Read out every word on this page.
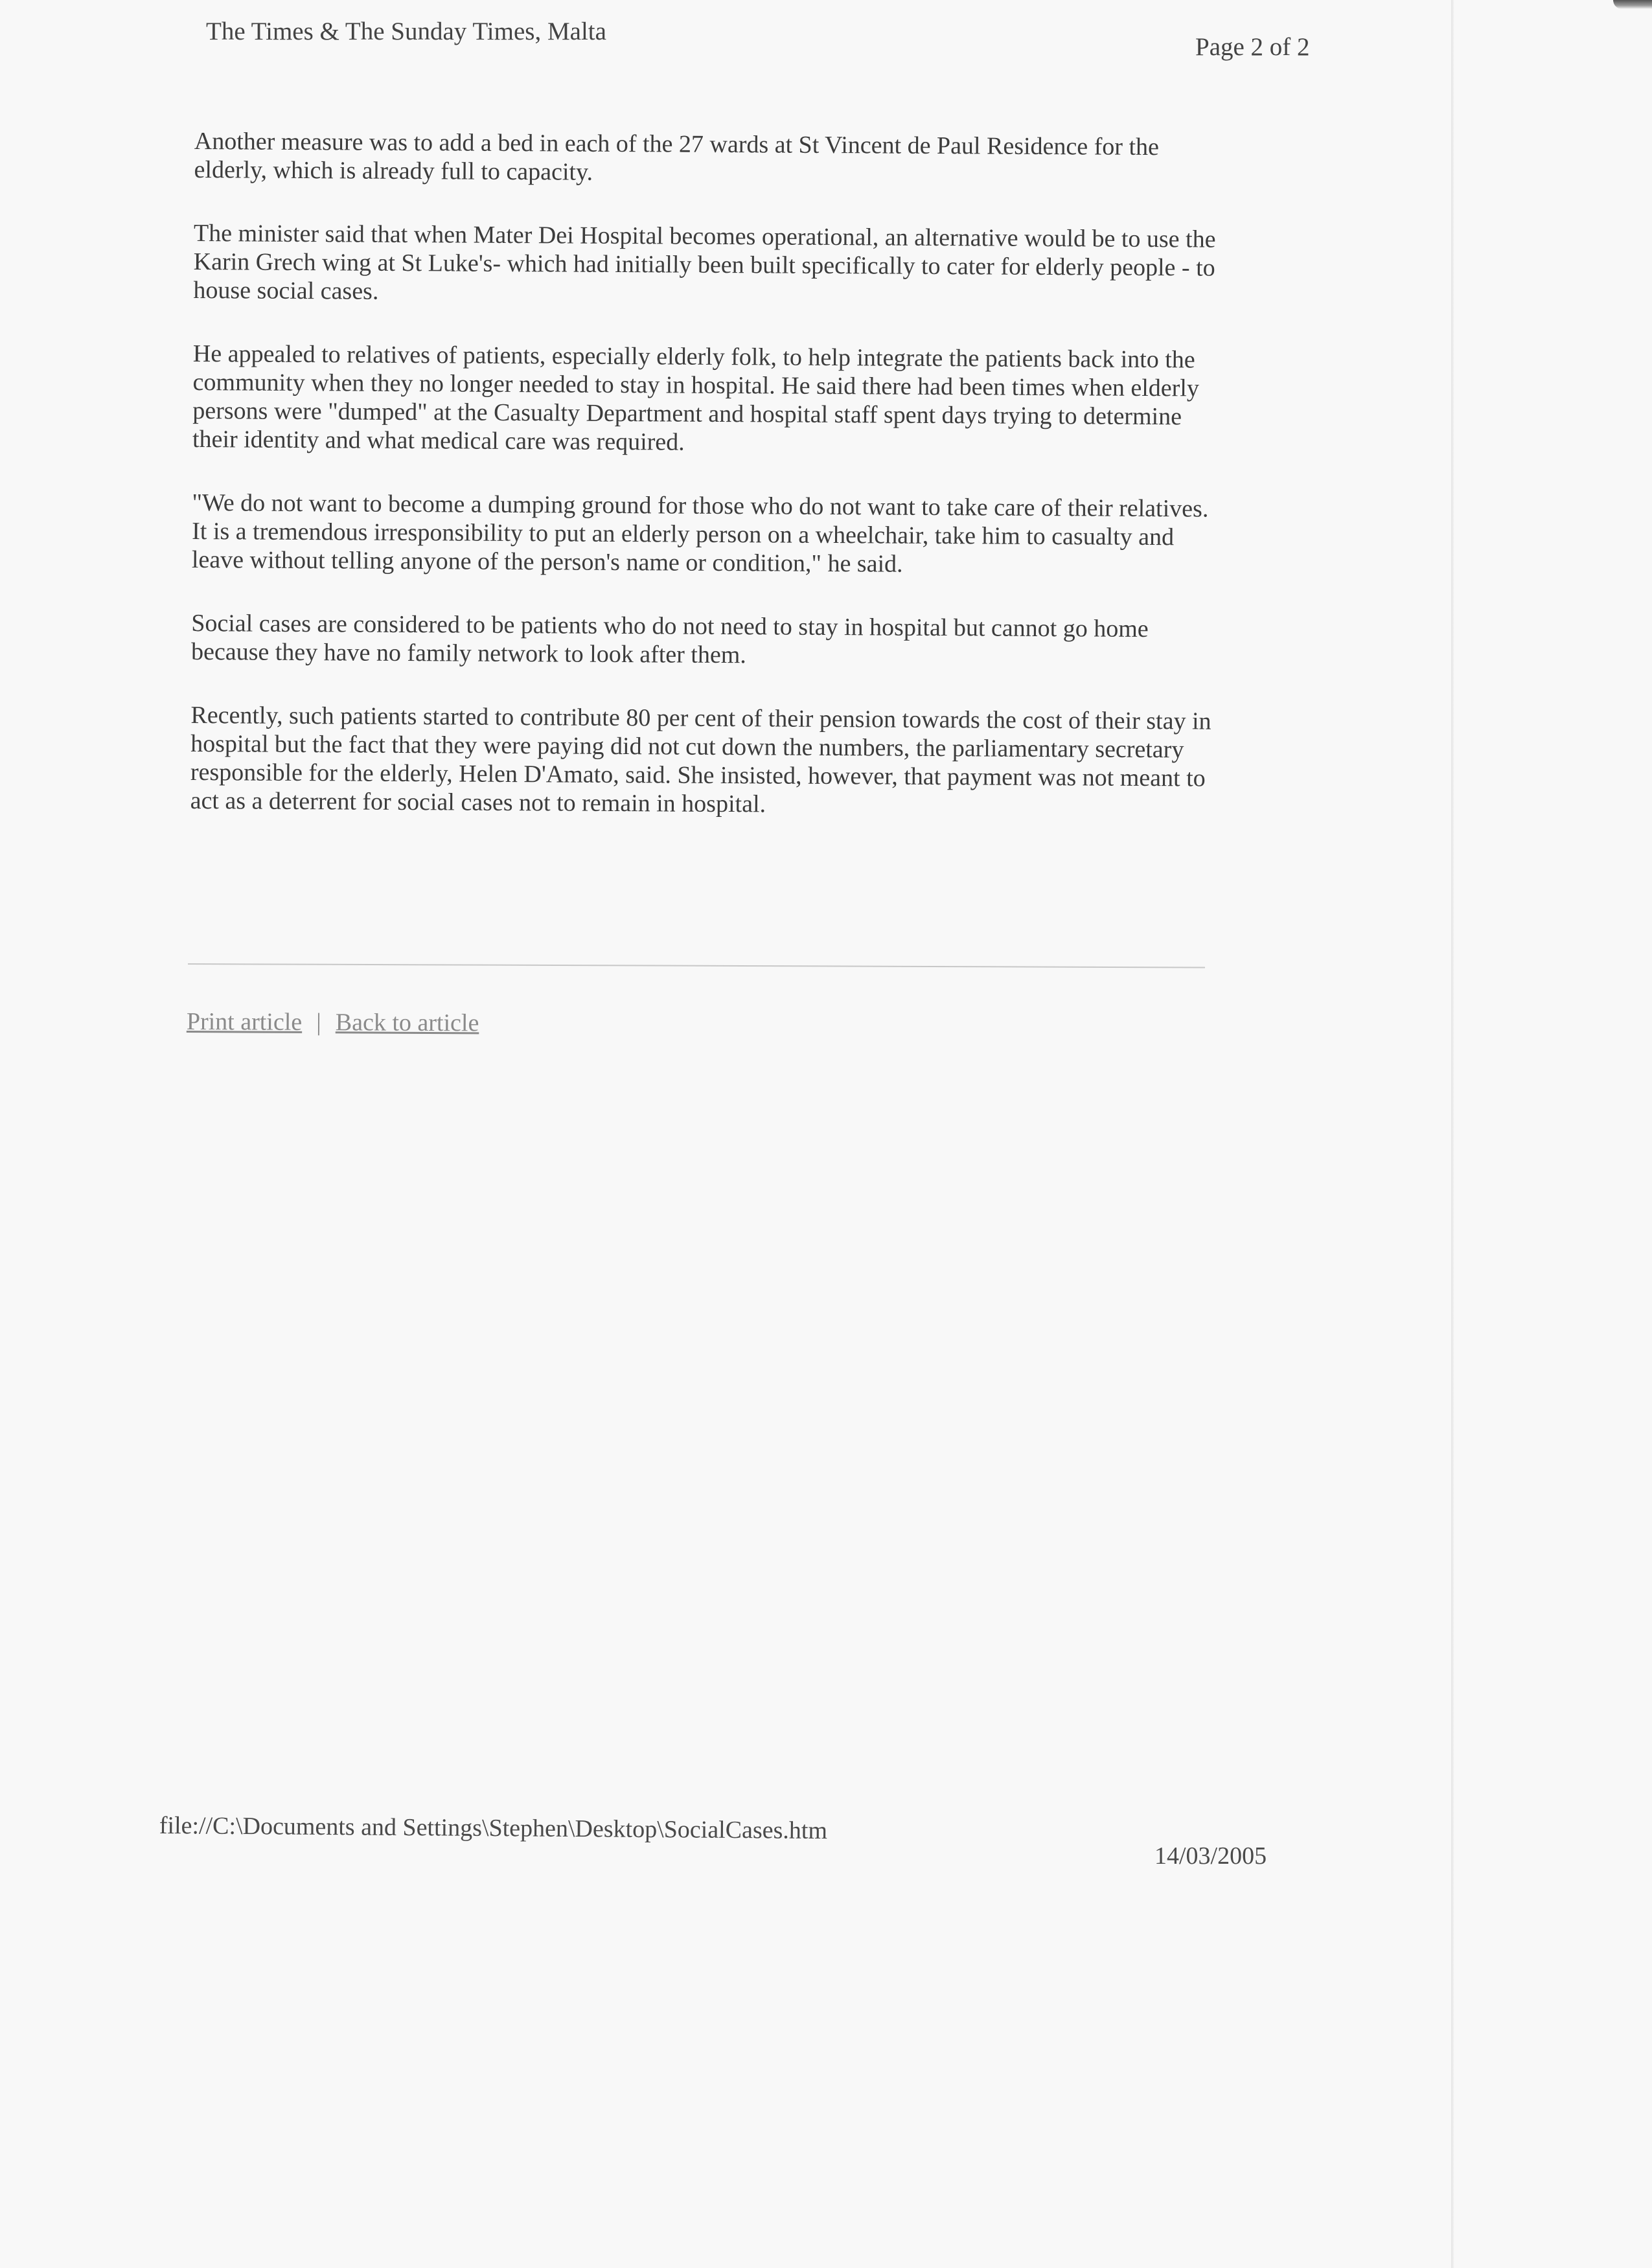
The Times & The Sunday Times, Malta
Page 2 of 2

Another measure was to add a bed in each of the 27 wards at St Vincent de Paul Residence for the elderly, which is already full to capacity.

The minister said that when Mater Dei Hospital becomes operational, an alternative would be to use the Karin Grech wing at St Luke's- which had initially been built specifically to cater for elderly people - to house social cases.

He appealed to relatives of patients, especially elderly folk, to help integrate the patients back into the community when they no longer needed to stay in hospital. He said there had been times when elderly persons were "dumped" at the Casualty Department and hospital staff spent days trying to determine their identity and what medical care was required.

"We do not want to become a dumping ground for those who do not want to take care of their relatives. It is a tremendous irresponsibility to put an elderly person on a wheelchair, take him to casualty and leave without telling anyone of the person's name or condition," he said.

Social cases are considered to be patients who do not need to stay in hospital but cannot go home because they have no family network to look after them.

Recently, such patients started to contribute 80 per cent of their pension towards the cost of their stay in hospital but the fact that they were paying did not cut down the numbers, the parliamentary secretary responsible for the elderly, Helen D'Amato, said. She insisted, however, that payment was not meant to act as a deterrent for social cases not to remain in hospital.

Print article | Back to article
file://C:\Documents and Settings\Stephen\Desktop\SocialCases.htm
14/03/2005
